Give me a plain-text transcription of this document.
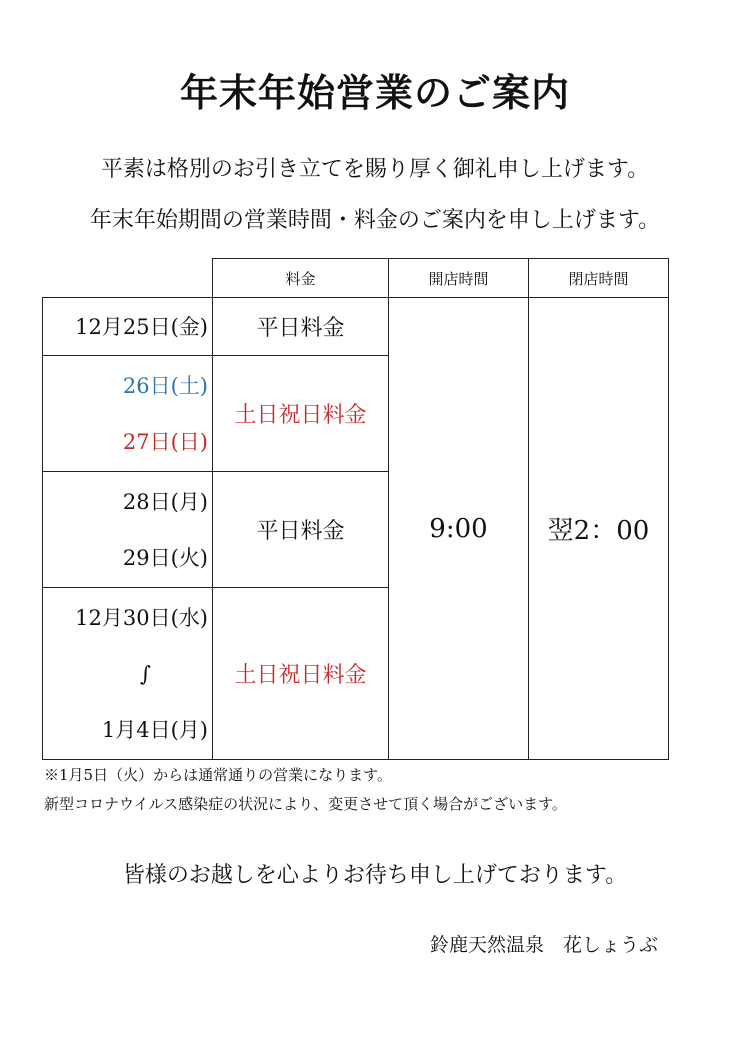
年末年始営業のご案内
平素は格別のお引き立てを賜り厚く御礼申し上げます。
年末年始期間の営業時間・料金のご案内を申し上げます。
	料金	開店時間	閉店時間

12月25日(金)	平日料金	9:00	翌2：00

26日(土)
27日(日)	土日祝日料金		

28日(月)
29日(火)	平日料金		

12月30日(水)
∫
1月4日(月)	土日祝日料金		
※1月5日（火）からは通常通りの営業になります。
新型コロナウイルス感染症の状況により、変更させて頂く場合がございます。
皆様のお越しを心よりお待ち申し上げております。
鈴鹿天然温泉　花しょうぶ
